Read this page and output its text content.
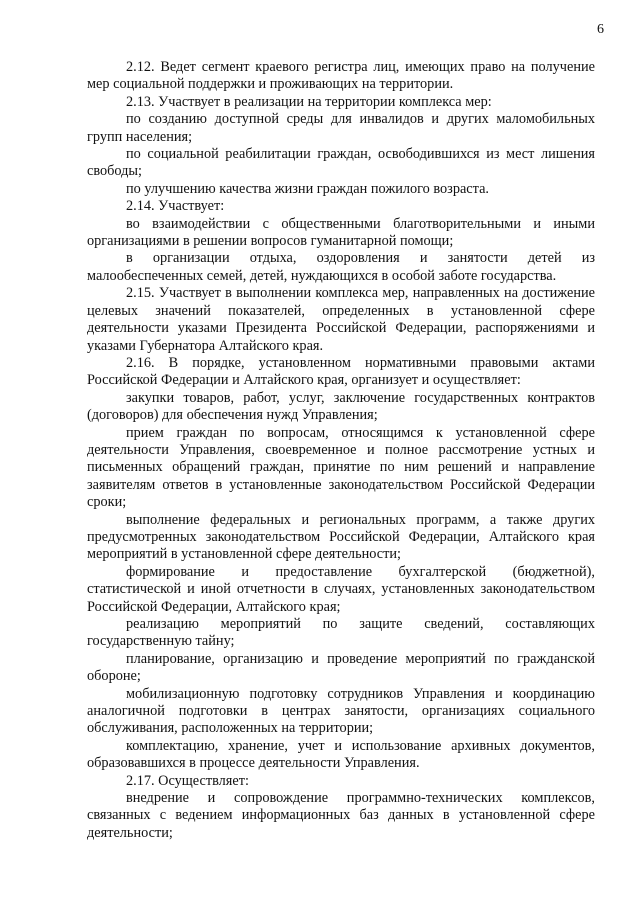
6

2.12. Ведет сегмент краевого регистра лиц, имеющих право на получение мер социальной поддержки и проживающих на территории.

2.13. Участвует в реализации на территории комплекса мер:

по созданию доступной среды для инвалидов и других маломобильных групп населения;

по социальной реабилитации граждан, освободившихся из мест лишения свободы;

по улучшению качества жизни граждан пожилого возраста.

2.14. Участвует:

во взаимодействии с общественными благотворительными и иными организациями в решении вопросов гуманитарной помощи;

в организации отдыха, оздоровления и занятости детей из малообеспеченных семей, детей, нуждающихся в особой заботе государства.

2.15. Участвует в выполнении комплекса мер, направленных на достижение целевых значений показателей, определенных в установленной сфере деятельности указами Президента Российской Федерации, распоряжениями и указами Губернатора Алтайского края.

2.16. В порядке, установленном нормативными правовыми актами Российской Федерации и Алтайского края, организует и осуществляет:

закупки товаров, работ, услуг, заключение государственных контрактов (договоров) для обеспечения нужд Управления;

прием граждан по вопросам, относящимся к установленной сфере деятельности Управления, своевременное и полное рассмотрение устных и письменных обращений граждан, принятие по ним решений и направление заявителям ответов в установленные законодательством Российской Федерации сроки;

выполнение федеральных и региональных программ, а также других предусмотренных законодательством Российской Федерации, Алтайского края мероприятий в установленной сфере деятельности;

формирование и предоставление бухгалтерской (бюджетной), статистической и иной отчетности в случаях, установленных законодательством Российской Федерации, Алтайского края;

реализацию мероприятий по защите сведений, составляющих государственную тайну;

планирование, организацию и проведение мероприятий по гражданской обороне;

мобилизационную подготовку сотрудников Управления и координацию аналогичной подготовки в центрах занятости, организациях социального обслуживания, расположенных на территории;

комплектацию, хранение, учет и использование архивных документов, образовавшихся в процессе деятельности Управления.

2.17. Осуществляет:

внедрение и сопровождение программно-технических комплексов, связанных с ведением информационных баз данных в установленной сфере деятельности;
